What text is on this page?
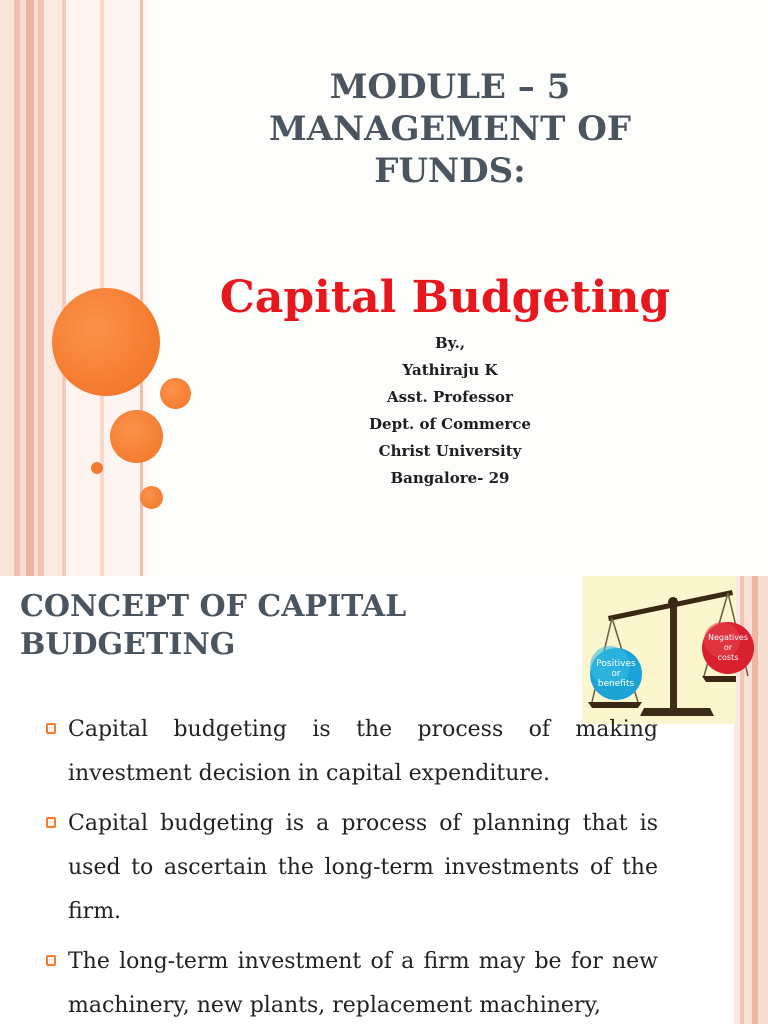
MODULE – 5
MANAGEMENT OF
FUNDS:
Capital Budgeting
By.,
Yathiraju K
Asst. Professor
Dept. of Commerce
Christ University
Bangalore- 29
CONCEPT OF CAPITAL
BUDGETING
Positives
or
benefits
Negatives
or
costs
Capital budgeting is the process of making investment decision in capital expenditure.
Capital budgeting is a process of planning that is used to ascertain the long-term investments of the firm.
The long-term investment of a firm may be for new machinery, new plants, replacement machinery,
